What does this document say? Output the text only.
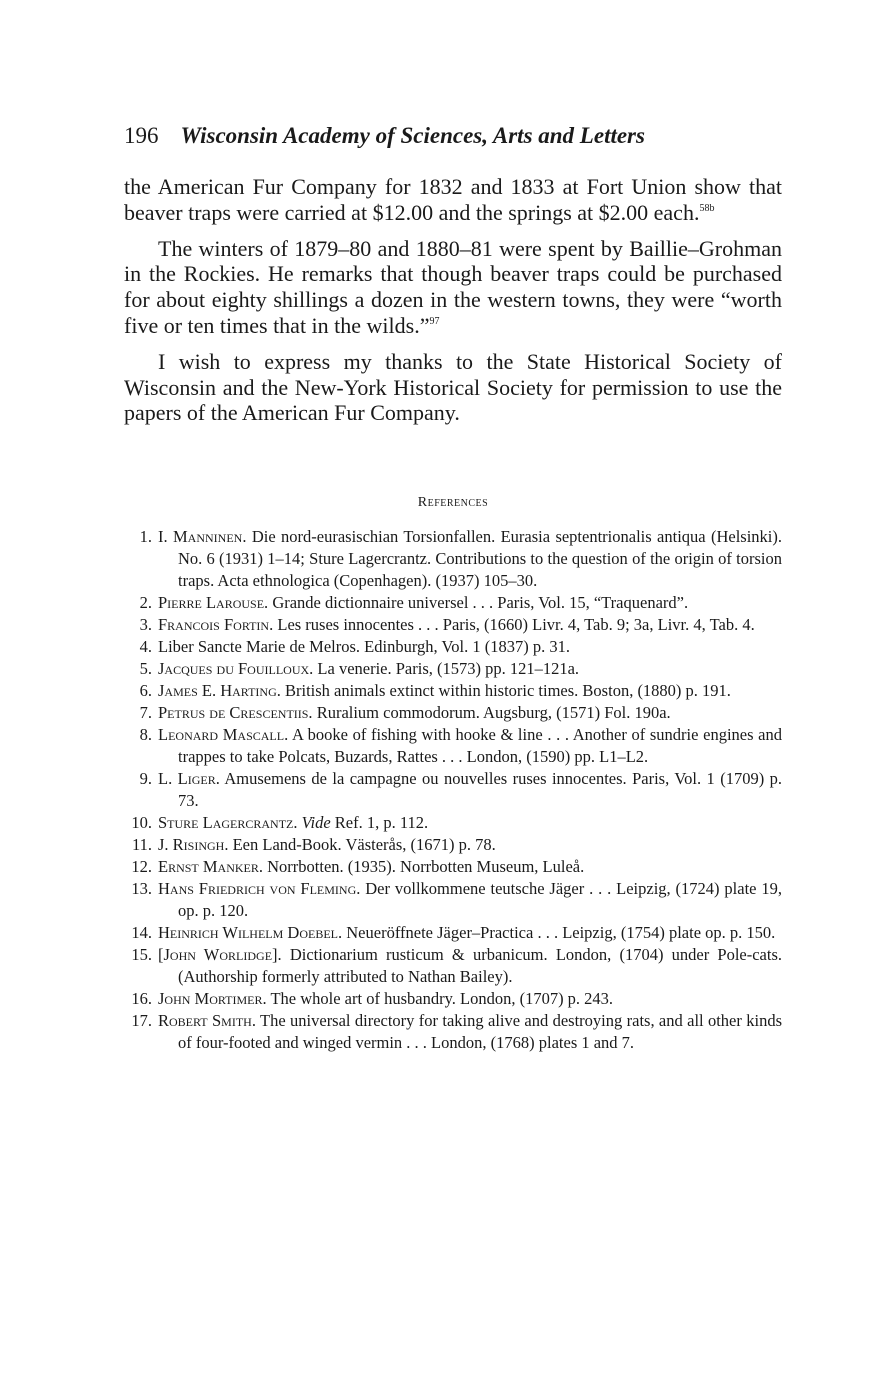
196 Wisconsin Academy of Sciences, Arts and Letters

the American Fur Company for 1832 and 1833 at Fort Union show that beaver traps were carried at $12.00 and the springs at $2.00 each.$^{58b}$

The winters of 1879–80 and 1880–81 were spent by Baillie–Grohman in the Rockies. He remarks that though beaver traps could be purchased for about eighty shillings a dozen in the western towns, they were “worth five or ten times that in the wilds.”$^{97}$

I wish to express my thanks to the State Historical Society of Wisconsin and the New-York Historical Society for permission to use the papers of the American Fur Company.

References
1. I. Manninen. Die nord-eurasischian Torsionfallen. Eurasia septentrionalis antiqua (Helsinki). No. 6 (1931) 1–14; Sture Lagercrantz. Contributions to the question of the origin of torsion traps. Acta ethnologica (Copenhagen). (1937) 105–30.
2. Pierre Larouse. Grande dictionnaire universel . . . Paris, Vol. 15, “Traquenard”.
3. Francois Fortin. Les ruses innocentes . . . Paris, (1660) Livr. 4, Tab. 9; 3a, Livr. 4, Tab. 4.
4. Liber Sancte Marie de Melros. Edinburgh, Vol. 1 (1837) p. 31.
5. Jacques du Fouilloux. La venerie. Paris, (1573) pp. 121–121a.
6. James E. Harting. British animals extinct within historic times. Boston, (1880) p. 191.
7. Petrus de Crescentiis. Ruralium commodorum. Augsburg, (1571) Fol. 190a.
8. Leonard Mascall. A booke of fishing with hooke & line . . . Another of sundrie engines and trappes to take Polcats, Buzards, Rattes . . . London, (1590) pp. L1–L2.
9. L. Liger. Amusemens de la campagne ou nouvelles ruses innocentes. Paris, Vol. 1 (1709) p. 73.
10. Sture Lagercrantz. Vide Ref. 1, p. 112.
11. J. Risingh. Een Land-Book. Västerås, (1671) p. 78.
12. Ernst Manker. Norrbotten. (1935). Norrbotten Museum, Luleå.
13. Hans Friedrich von Fleming. Der vollkommene teutsche Jäger . . . Leipzig, (1724) plate 19, op. p. 120.
14. Heinrich Wilhelm Doebel. Neueröffnete Jäger–Practica . . . Leipzig, (1754) plate op. p. 150.
15. [John Worlidge]. Dictionarium rusticum & urbanicum. London, (1704) under Pole-cats. (Authorship formerly attributed to Nathan Bailey).
16. John Mortimer. The whole art of husbandry. London, (1707) p. 243.
17. Robert Smith. The universal directory for taking alive and destroying rats, and all other kinds of four-footed and winged vermin . . . London, (1768) plates 1 and 7.
